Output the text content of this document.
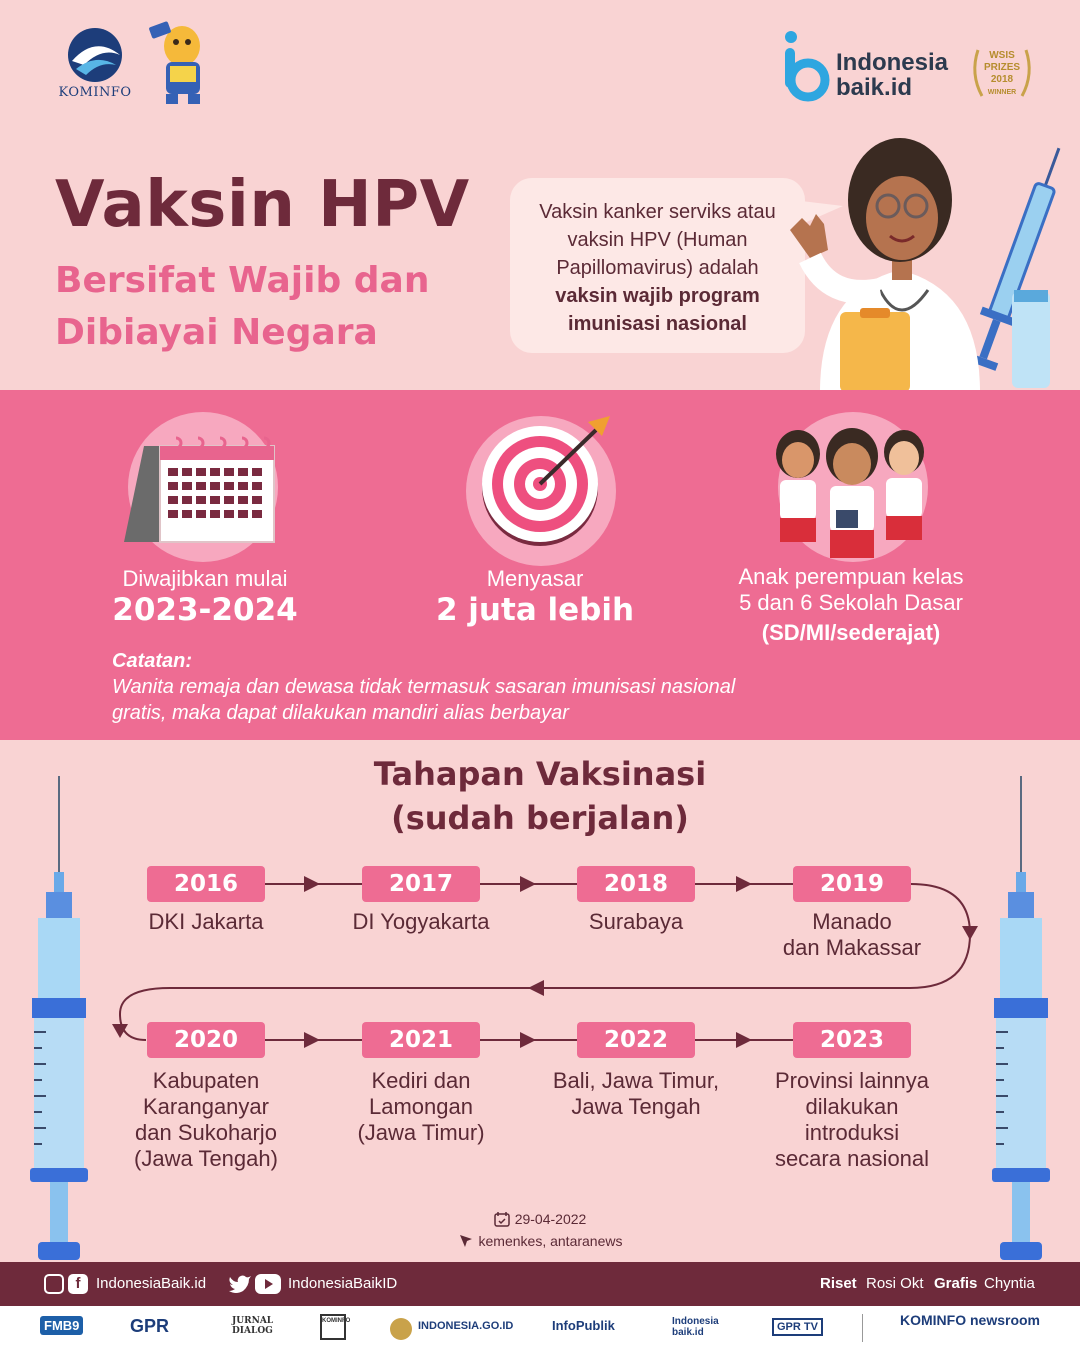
KOMINFO
Indonesia
baik.id
WSIS
PRIZES
2018
WINNER
Vaksin HPV
Bersifat Wajib dan
Dibiayai Negara
Vaksin kanker serviks atau vaksin HPV (Human Papillomavirus) adalah vaksin wajib program imunisasi nasional
Diwajibkan mulai
2023-2024
Menyasar
2 juta lebih
Anak perempuan kelas
5 dan 6 Sekolah Dasar
(SD/MI/sederajat)
Catatan:
Wanita remaja dan dewasa tidak termasuk sasaran imunisasi nasional gratis, maka dapat dilakukan mandiri alias berbayar
Tahapan Vaksinasi
(sudah berjalan)
2016
DKI Jakarta
2017
DI Yogyakarta
2018
Surabaya
2019
Manado
dan Makassar
2020
Kabupaten
Karanganyar
dan Sukoharjo
(Jawa Tengah)
2021
Kediri dan
Lamongan
(Jawa Timur)
2022
Bali, Jawa Timur,
Jawa Tengah
2023
Provinsi lainnya
dilakukan
introduksi
secara nasional
29-04-2022
kemenkes, antaranews
f	IndonesiaBaik.id	IndonesiaBaikID	Riset Rosi Okt Grafis Chyntia
FMB9	GPR	JURNAL DIALOG
KOMINFO	INDONESIA.GO.ID	InfoPublik	Indonesia baik.id	GPR TV	KOMINFO newsroom
